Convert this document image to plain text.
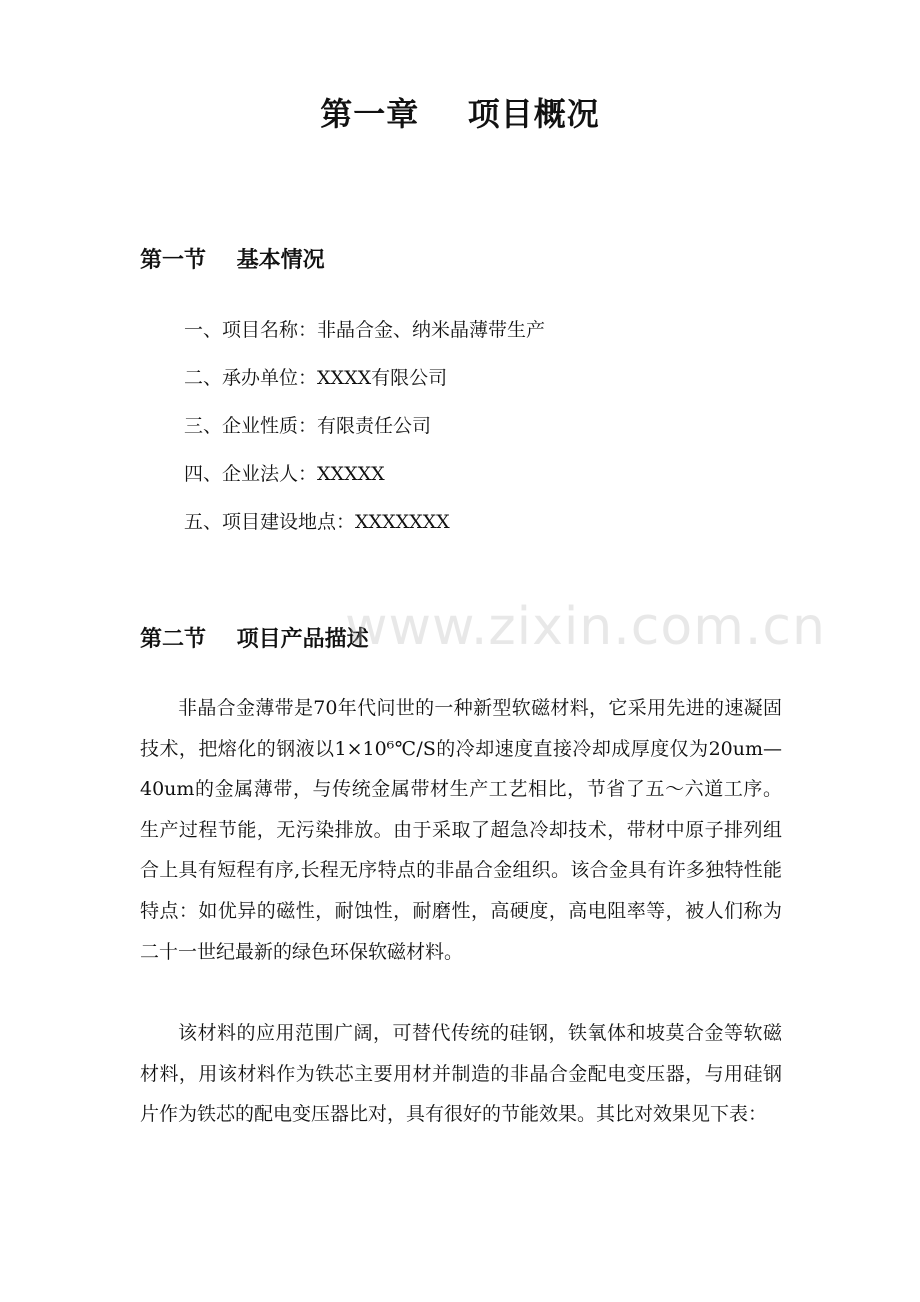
第一章    项目概况
第一节    基本情况
一、项目名称：非晶合金、纳米晶薄带生产
二、承办单位：XXXX有限公司
三、企业性质：有限责任公司
四、企业法人：XXXXX
五、项目建设地点：XXXXXXX
第二节    项目产品描述
www.zixin.com.cn

非晶合金薄带是70年代问世的一种新型软磁材料，它采用先进的速凝固技术，把熔化的钢液以1×10⁶℃/S的冷却速度直接冷却成厚度仅为20um—40um的金属薄带，与传统金属带材生产工艺相比，节省了五～六道工序。生产过程节能，无污染排放。由于采取了超急冷却技术，带材中原子排列组合上具有短程有序,长程无序特点的非晶合金组织。该合金具有许多独特性能特点：如优异的磁性，耐蚀性，耐磨性，高硬度，高电阻率等，被人们称为二十一世纪最新的绿色环保软磁材料。

该材料的应用范围广阔，可替代传统的硅钢，铁氧体和坡莫合金等软磁材料，用该材料作为铁芯主要用材并制造的非晶合金配电变压器，与用硅钢片作为铁芯的配电变压器比对，具有很好的节能效果。其比对效果见下表：
